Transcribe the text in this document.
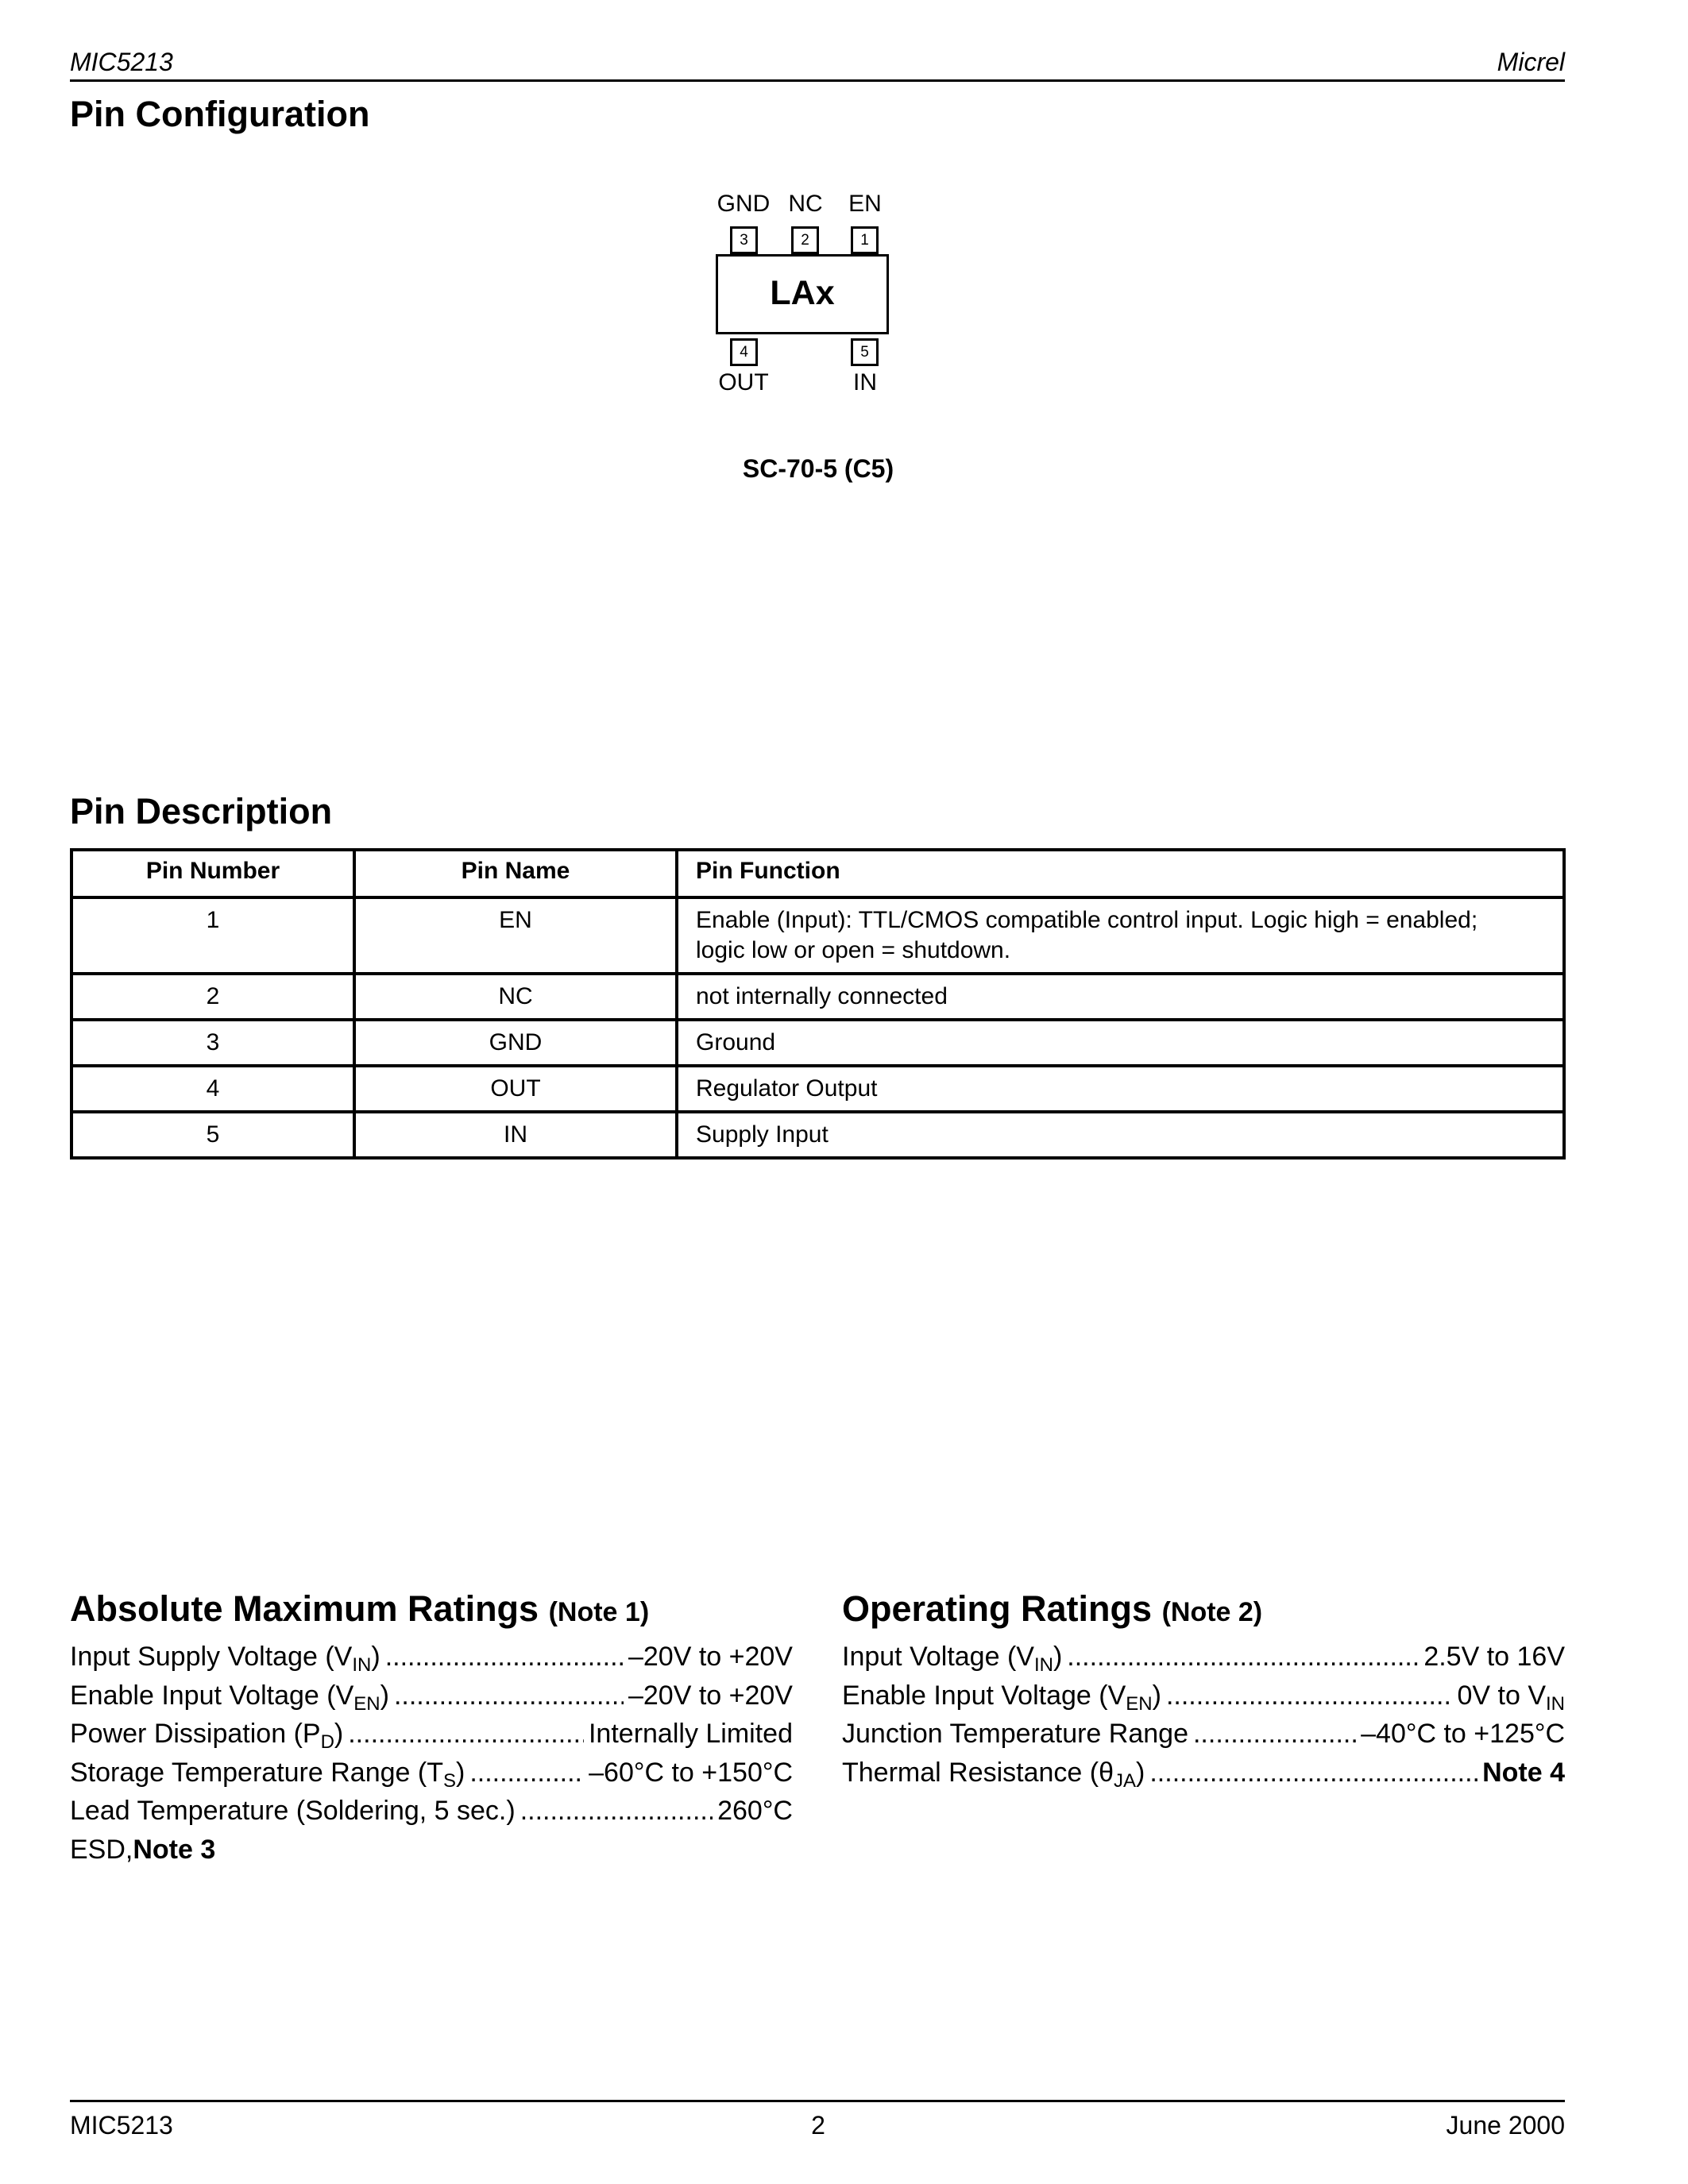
MIC5213	Micrel
Pin Configuration
GND NC	EN
3	2	1
LAx
4	5
OUT	IN
SC-70-5 (C5)
Pin Description
Pin Number	Pin Name	Pin Function
1	EN	Enable (Input): TTL/CMOS compatible control input. Logic high = enabled;
logic low or open = shutdown.

2	NC	not internally connected
3	GND	Ground
4	OUT	Regulator Output
5	IN	Supply Input
Absolute Maximum Ratings (Note 1)
Input Supply Voltage $(V_{IN})$ .....	–20V to +20V
Enable Input Voltage $(V_{EN})$ .....	–20V to +20V
Power Dissipation $(P_D)$ .....	Internally Limited
Storage Temperature Range $(T_S)$ .....	–60°C to +150°C
Lead Temperature (Soldering, 5 sec.) .....	260°C
ESD, Note 3
Operating Ratings (Note 2)
Input Voltage $(V_{IN})$ .....	2.5V to 16V
Enable Input Voltage $(V_{EN})$ .....	0V to $V_{IN}$
Junction Temperature Range .....	–40°C to +125°C
Thermal Resistance $(\theta_{JA})$ .....	Note 4
MIC5213	2	June 2000
